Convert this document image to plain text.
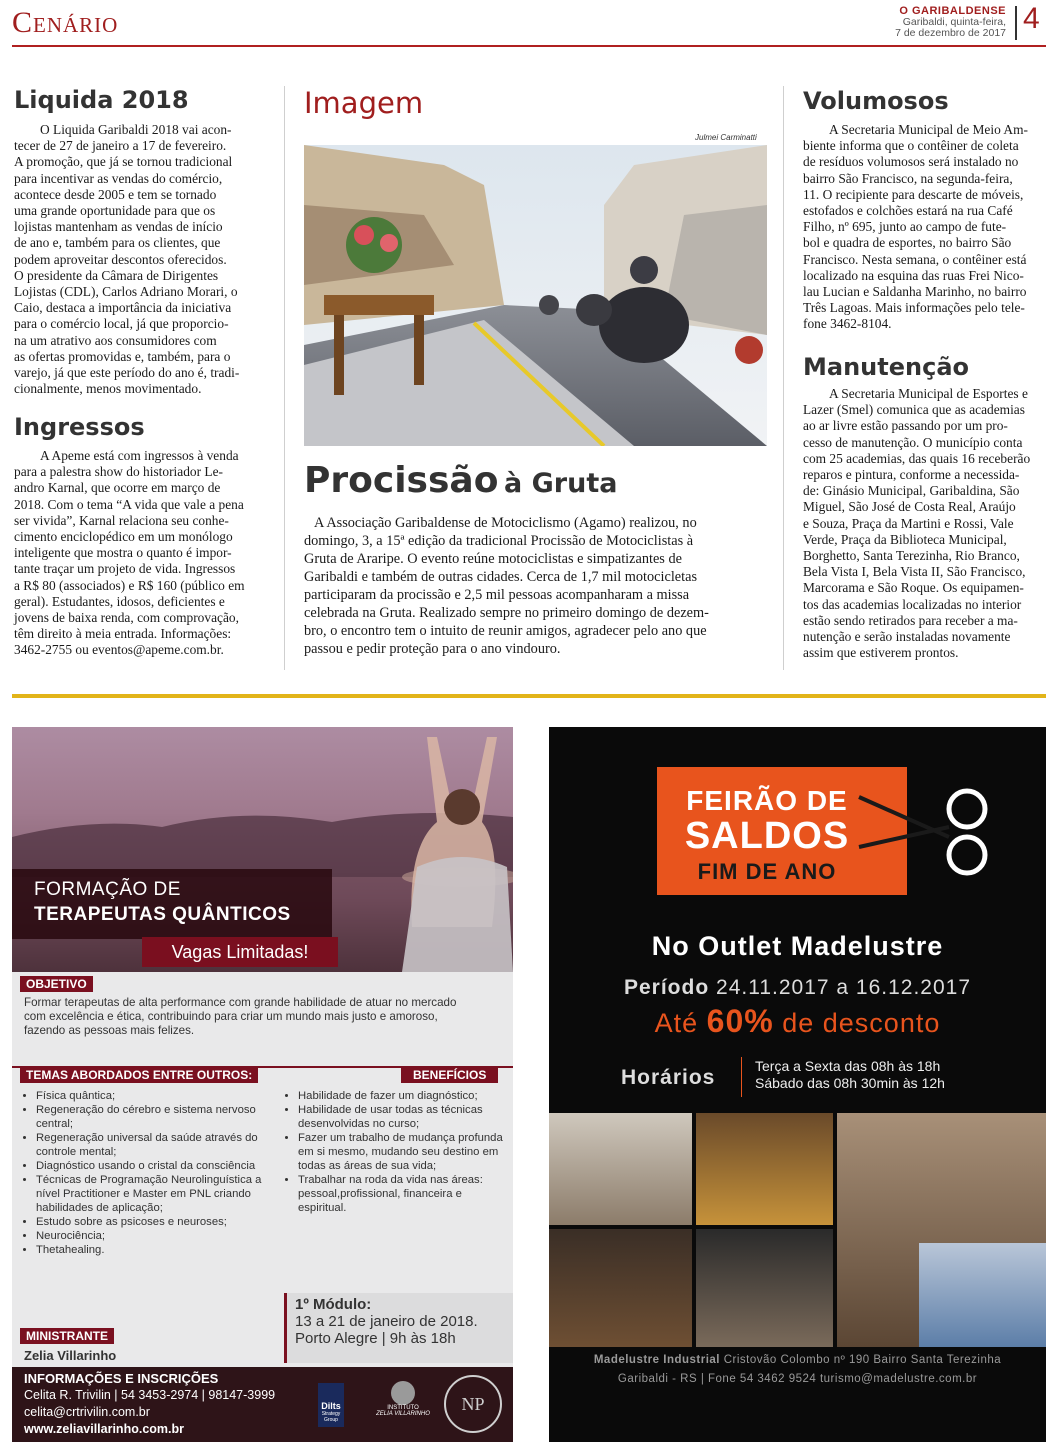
Cenário	O GARIBALDENSE
Garibaldi, quinta-feira,
7 de dezembro de 2017 4
Liquida 2018
O Liquida Garibaldi 2018 vai acon-
tecer de 27 de janeiro a 17 de fevereiro.
A promoção, que já se tornou tradicional
para incentivar as vendas do comércio,
acontece desde 2005 e tem se tornado
uma grande oportunidade para que os
lojistas mantenham as vendas de início
de ano e, também para os clientes, que
podem aproveitar descontos oferecidos.
O presidente da Câmara de Dirigentes
Lojistas (CDL), Carlos Adriano Morari, o
Caio, destaca a importância da iniciativa
para o comércio local, já que proporcio-
na um atrativo aos consumidores com
as ofertas promovidas e, também, para o
varejo, já que este período do ano é, tradi-
cionalmente, menos movimentado.
Ingressos
A Apeme está com ingressos à venda
para a palestra show do historiador Le-
andro Karnal, que ocorre em março de
2018. Com o tema “A vida que vale a pena
ser vivida”, Karnal relaciona seu conhe-
cimento enciclopédico em um monólogo
inteligente que mostra o quanto é impor-
tante traçar um projeto de vida. Ingressos
a R$ 80 (associados) e R$ 160 (público em
geral). Estudantes, idosos, deficientes e
jovens de baixa renda, com comprovação,
têm direito à meia entrada. Informações:
3462-2755 ou eventos@apeme.com.br.
Imagem
Julmei Carminatti
Procissão à Gruta
A Associação Garibaldense de Motociclismo (Agamo) realizou, no
domingo, 3, a 15ª edição da tradicional Procissão de Motociclistas à
Gruta de Araripe. O evento reúne motociclistas e simpatizantes de
Garibaldi e também de outras cidades. Cerca de 1,7 mil motocicletas
participaram da procissão e 2,5 mil pessoas acompanharam a missa
celebrada na Gruta. Realizado sempre no primeiro domingo de dezem-
bro, o encontro tem o intuito de reunir amigos, agradecer pelo ano que
passou e pedir proteção para o ano vindouro.
Volumosos
A Secretaria Municipal de Meio Am-
biente informa que o contêiner de coleta
de resíduos volumosos será instalado no
bairro São Francisco, na segunda-feira,
11. O recipiente para descarte de móveis,
estofados e colchões estará na rua Café
Filho, nº 695, junto ao campo de fute-
bol e quadra de esportes, no bairro São
Francisco. Nesta semana, o contêiner está
localizado na esquina das ruas Frei Nico-
lau Lucian e Saldanha Marinho, no bairro
Três Lagoas. Mais informações pelo tele-
fone 3462-8104.
Manutenção
A Secretaria Municipal de Esportes e
Lazer (Smel) comunica que as academias
ao ar livre estão passando por um pro-
cesso de manutenção. O município conta
com 25 academias, das quais 16 receberão
reparos e pintura, conforme a necessida-
de: Ginásio Municipal, Garibaldina, São
Miguel, São José de Costa Real, Araújo
e Souza, Praça da Martini e Rossi, Vale
Verde, Praça da Biblioteca Municipal,
Borghetto, Santa Terezinha, Rio Branco,
Bela Vista I, Bela Vista II, São Francisco,
Marcorama e São Roque. Os equipamen-
tos das academias localizadas no interior
estão sendo retirados para receber a ma-
nutenção e serão instaladas novamente
assim que estiverem prontos.
FORMAÇÃO DE
TERAPEUTAS QUÂNTICOS
Vagas Limitadas!
OBJETIVO
Formar terapeutas de alta performance com grande habilidade de atuar no mercado
com excelência e ética, contribuindo para criar um mundo mais justo e amoroso,
fazendo as pessoas mais felizes.
TEMAS ABORDADOS ENTRE OUTROS:	BENEFÍCIOS
• Física quântica;
• Regeneração do cérebro e sistema nervoso central;
• Regeneração universal da saúde através do controle mental;
• Diagnóstico usando o cristal da consciência
• Técnicas de Programação Neurolinguística a nível Practitioner e Master em PNL criando habilidades de aplicação;
• Estudo sobre as psicoses e neuroses;
• Neurociência;
• Thetahealing.
• Habilidade de fazer um diagnóstico;
• Habilidade de usar todas as técnicas desenvolvidas no curso;
• Fazer um trabalho de mudança profunda em si mesmo, mudando seu destino em todas as áreas de sua vida;
• Trabalhar na roda da vida nas áreas: pessoal,profissional, financeira e espiritual.
1º Módulo:
13 a 21 de janeiro de 2018.
Porto Alegre | 9h às 18h
MINISTRANTE
Zelia Villarinho
INFORMAÇÕES E INSCRIÇÕES
Celita R. Trivilin | 54 3453-2974 | 98147-3999
celita@crtrivilin.com.br
www.zeliavillarinho.com.br
Dilts
Strategy Group
INSTITUTO
ZELIA VILLARINHO	NP
FEIRÃO DE
SALDOS
FIM DE ANO
No Outlet Madelustre
Período 24.11.2017 a 16.12.2017
Até 60% de desconto
Horários	Terça a Sexta das 08h às 18h
Sábado das 08h 30min às 12h
Madelustre Industrial Cristovão Colombo nº 190 Bairro Santa Terezinha
Garibaldi - RS | Fone 54 3462 9524 turismo@madelustre.com.br
